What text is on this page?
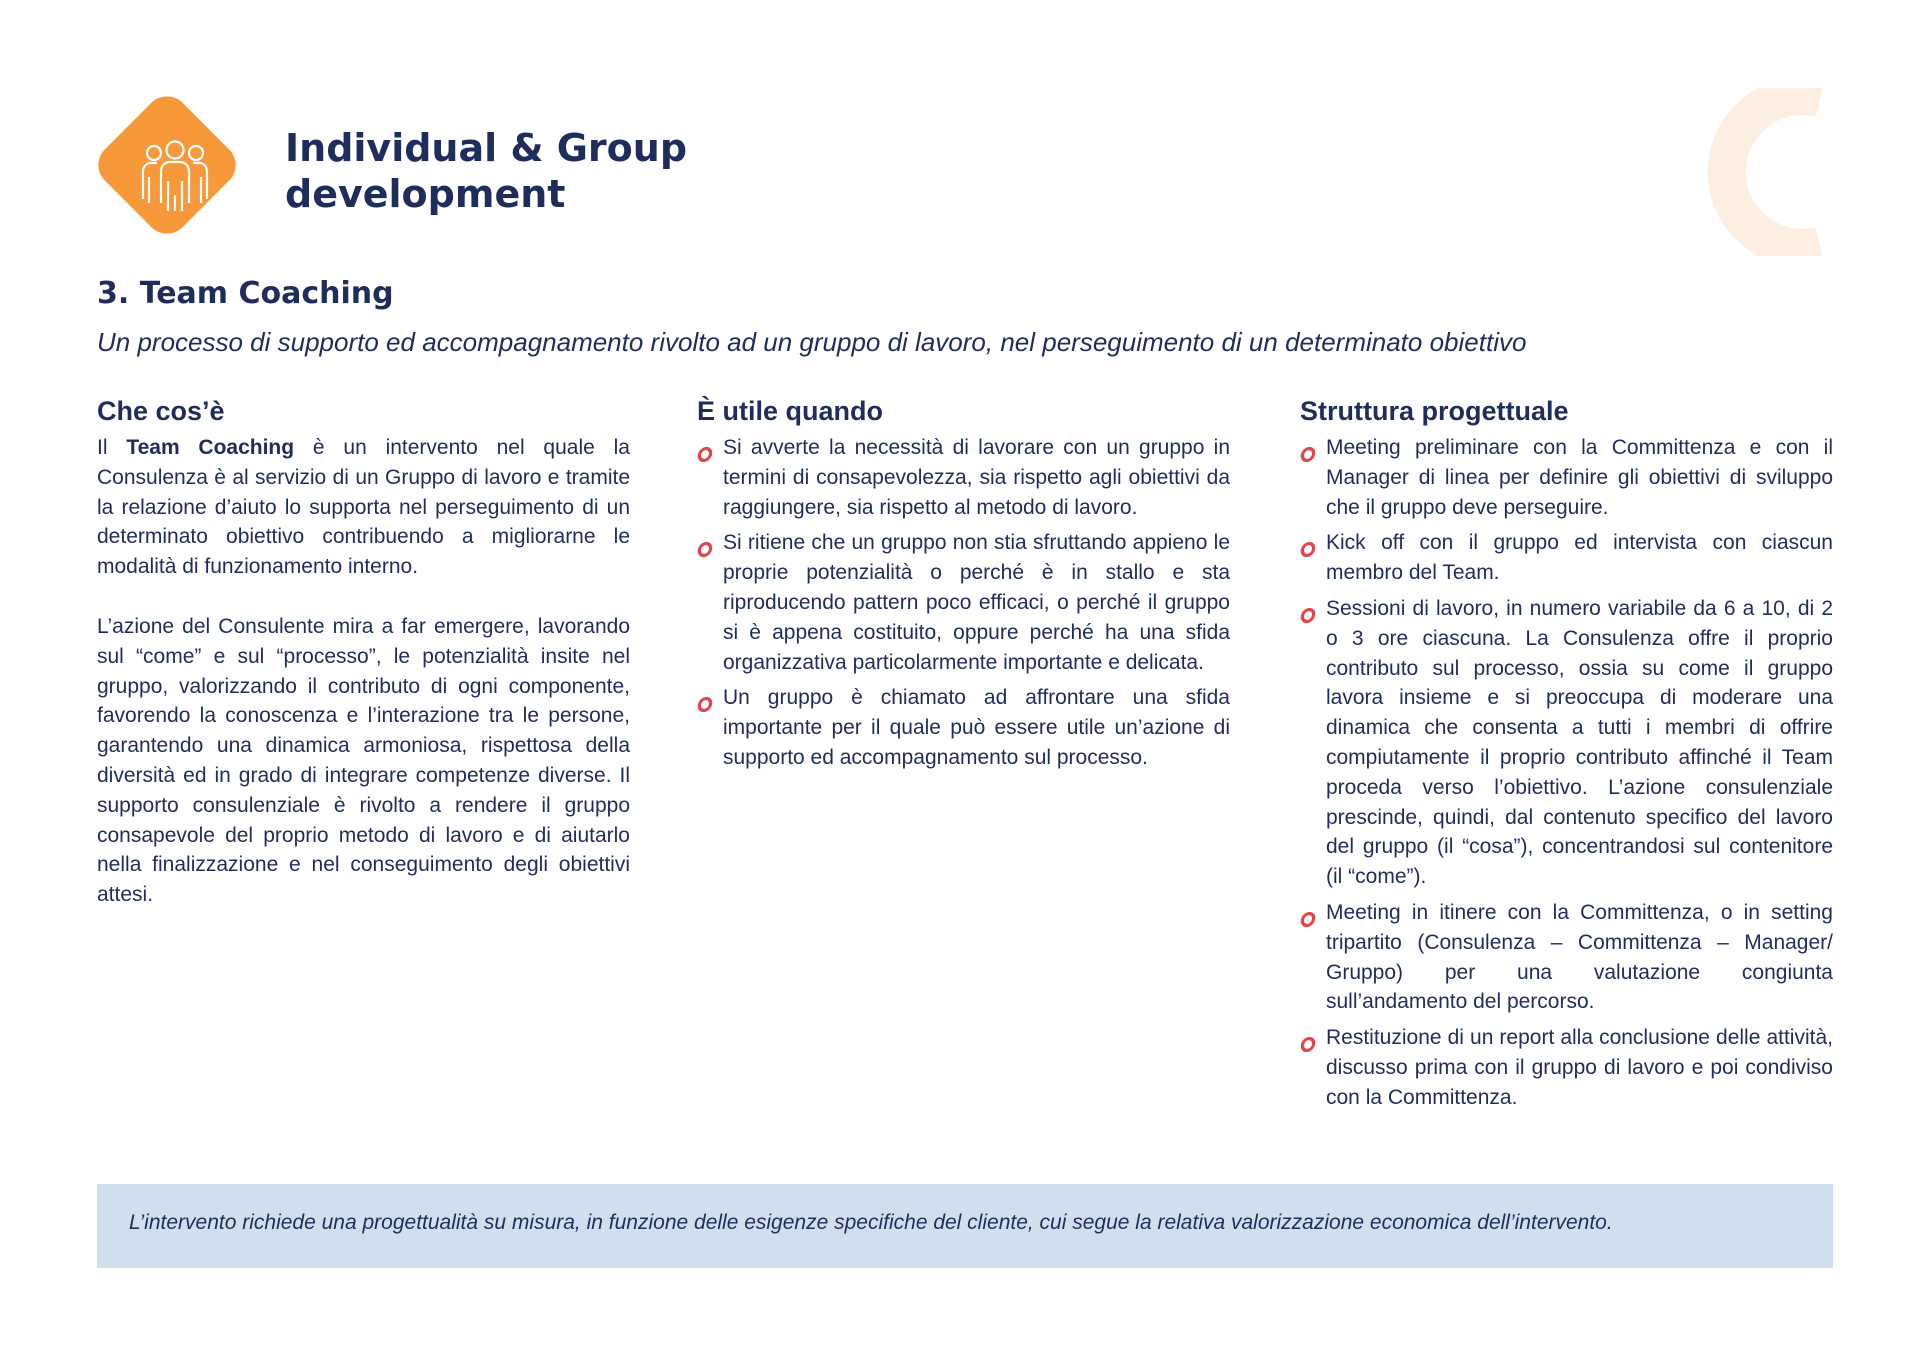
Individual & Group
development
3. Team Coaching

Un processo di supporto ed accompagnamento rivolto ad un gruppo di lavoro, nel perseguimento di un determinato obiettivo

Che cos’è

Il Team Coaching è un intervento nel quale la Consulenza è al servizio di un Gruppo di lavoro e tramite la relazione d’aiuto lo supporta nel perseguimento di un determinato obiettivo contribuendo a migliorarne le modalità di funzionamento interno.

L’azione del Consulente mira a far emergere, lavorando sul “come” e sul “processo”, le potenzialità insite nel gruppo, valorizzando il contributo di ogni componente, favorendo la conoscenza e l’interazione tra le persone, garantendo una dinamica armoniosa, rispettosa della diversità ed in grado di integrare competenze diverse. Il supporto consulenziale è rivolto a rendere il gruppo consapevole del proprio metodo di lavoro e di aiutarlo nella finalizzazione e nel conseguimento degli obiettivi attesi.

È utile quando
Si avverte la necessità di lavorare con un gruppo in termini di consapevolezza, sia rispetto agli obiettivi da raggiungere, sia rispetto al metodo di lavoro.
Si ritiene che un gruppo non stia sfruttando appieno le proprie potenzialità o perché è in stallo e sta riproducendo pattern poco efficaci, o perché il gruppo si è appena costituito, oppure perché ha una sfida organizzativa particolarmente importante e delicata.
Un gruppo è chiamato ad affrontare una sfida importante per il quale può essere utile un’azione di supporto ed accompagnamento sul processo.
Struttura progettuale
Meeting preliminare con la Committenza e con il Manager di linea per definire gli obiettivi di sviluppo che il gruppo deve perseguire.
Kick off con il gruppo ed intervista con ciascun membro del Team.
Sessioni di lavoro, in numero variabile da 6 a 10, di 2 o 3 ore ciascuna. La Consulenza offre il proprio contributo sul processo, ossia su come il gruppo lavora insieme e si preoccupa di moderare una dinamica che consenta a tutti i membri di offrire compiutamente il proprio contributo affinché il Team proceda verso l’obiettivo. L’azione consulenziale prescinde, quindi, dal contenuto specifico del lavoro del gruppo (il “cosa”), concentrandosi sul contenitore (il “come”).
Meeting in itinere con la Committenza, o in setting tripartito (Consulenza – Committenza – Manager/ Gruppo) per una valutazione congiunta sull’andamento del percorso.
Restituzione di un report alla conclusione delle attività, discusso prima con il gruppo di lavoro e poi condiviso con la Committenza.

L’intervento richiede una progettualità su misura, in funzione delle esigenze specifiche del cliente, cui segue la relativa valorizzazione economica dell’intervento.
